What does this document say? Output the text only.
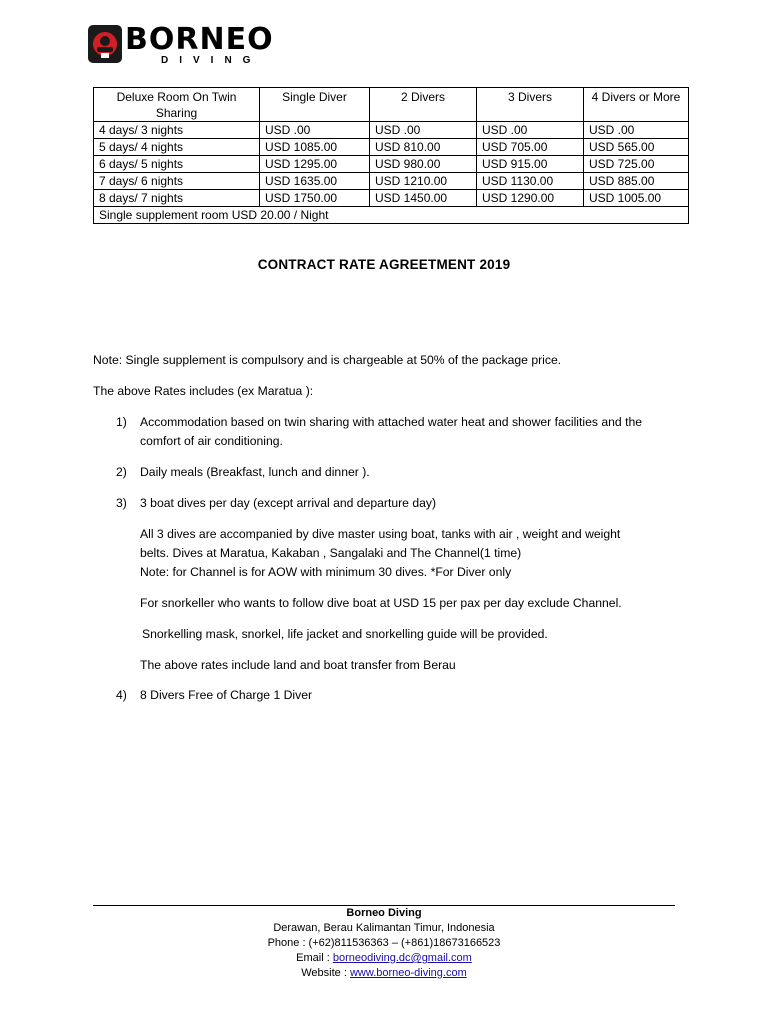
BORNEO
DIVING
Deluxe Room On Twin Sharing	Single Diver	2 Divers	3 Divers	4 Divers or More
4 days/ 3 nights	USD .00	USD .00	USD .00	USD .00
5 days/ 4 nights	USD 1085.00	USD 810.00	USD 705.00	USD 565.00
6 days/ 5 nights	USD 1295.00	USD 980.00	USD 915.00	USD 725.00
7 days/ 6 nights	USD 1635.00	USD 1210.00	USD 1130.00	USD 885.00
8 days/ 7 nights	USD 1750.00	USD 1450.00	USD 1290.00	USD 1005.00
Single supplement room USD 20.00 / Night				
CONTRACT RATE AGREETMENT 2019
Note: Single supplement is compulsory and is chargeable at 50% of the package price.
The above Rates includes (ex Maratua ):
1) Accommodation based on twin sharing with attached water heat and shower facilities and the comfort of air conditioning.
2) Daily meals (Breakfast, lunch and dinner ).
3) 3 boat dives per day (except arrival and departure day)
All 3 dives are accompanied by dive master using boat, tanks with air , weight and weight
belts. Dives at Maratua, Kakaban , Sangalaki and The Channel(1 time)
Note: for Channel is for AOW with minimum 30 dives. *For Diver only
For snorkeller who wants to follow dive boat at USD 15 per pax per day exclude Channel.
Snorkelling mask, snorkel, life jacket and snorkelling guide will be provided.
The above rates include land and boat transfer from Berau
4) 8 Divers Free of Charge 1 Diver
Borneo Diving
Derawan, Berau Kalimantan Timur, Indonesia
Phone : (+62)811536363 – (+861)18673166523
Email : borneodiving.dc@gmail.com
Website : www.borneo-diving.com
